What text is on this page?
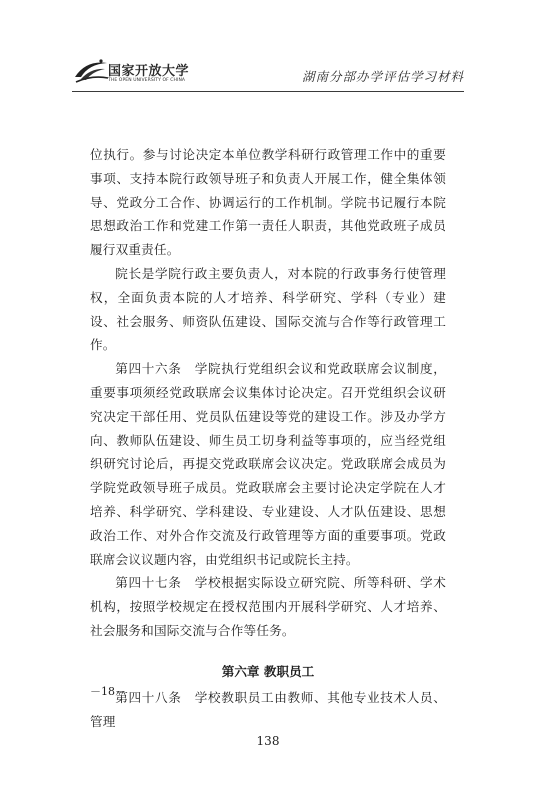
国家开放大学
THE OPEN UNIVERSITY OF CHINA	湖南分部办学评估学习材料

位执行。参与讨论决定本单位教学科研行政管理工作中的重要事项、支持本院行政领导班子和负责人开展工作，健全集体领导、党政分工合作、协调运行的工作机制。学院书记履行本院思想政治工作和党建工作第一责任人职责，其他党政班子成员履行双重责任。

院长是学院行政主要负责人，对本院的行政事务行使管理权，全面负责本院的人才培养、科学研究、学科（专业）建设、社会服务、师资队伍建设、国际交流与合作等行政管理工作。

第四十六条　学院执行党组织会议和党政联席会议制度，重要事项须经党政联席会议集体讨论决定。召开党组织会议研究决定干部任用、党员队伍建设等党的建设工作。涉及办学方向、教师队伍建设、师生员工切身利益等事项的，应当经党组织研究讨论后，再提交党政联席会议决定。党政联席会成员为学院党政领导班子成员。党政联席会主要讨论决定学院在人才培养、科学研究、学科建设、专业建设、人才队伍建设、思想政治工作、对外合作交流及行政管理等方面的重要事项。党政联席会议议题内容，由党组织书记或院长主持。

第四十七条　学校根据实际设立研究院、所等科研、学术机构，按照学校规定在授权范围内开展科学研究、人才培养、社会服务和国际交流与合作等任务。

第六章 教职员工

第四十八条　学校教职员工由教师、其他专业技术人员、管理

－18－
138
